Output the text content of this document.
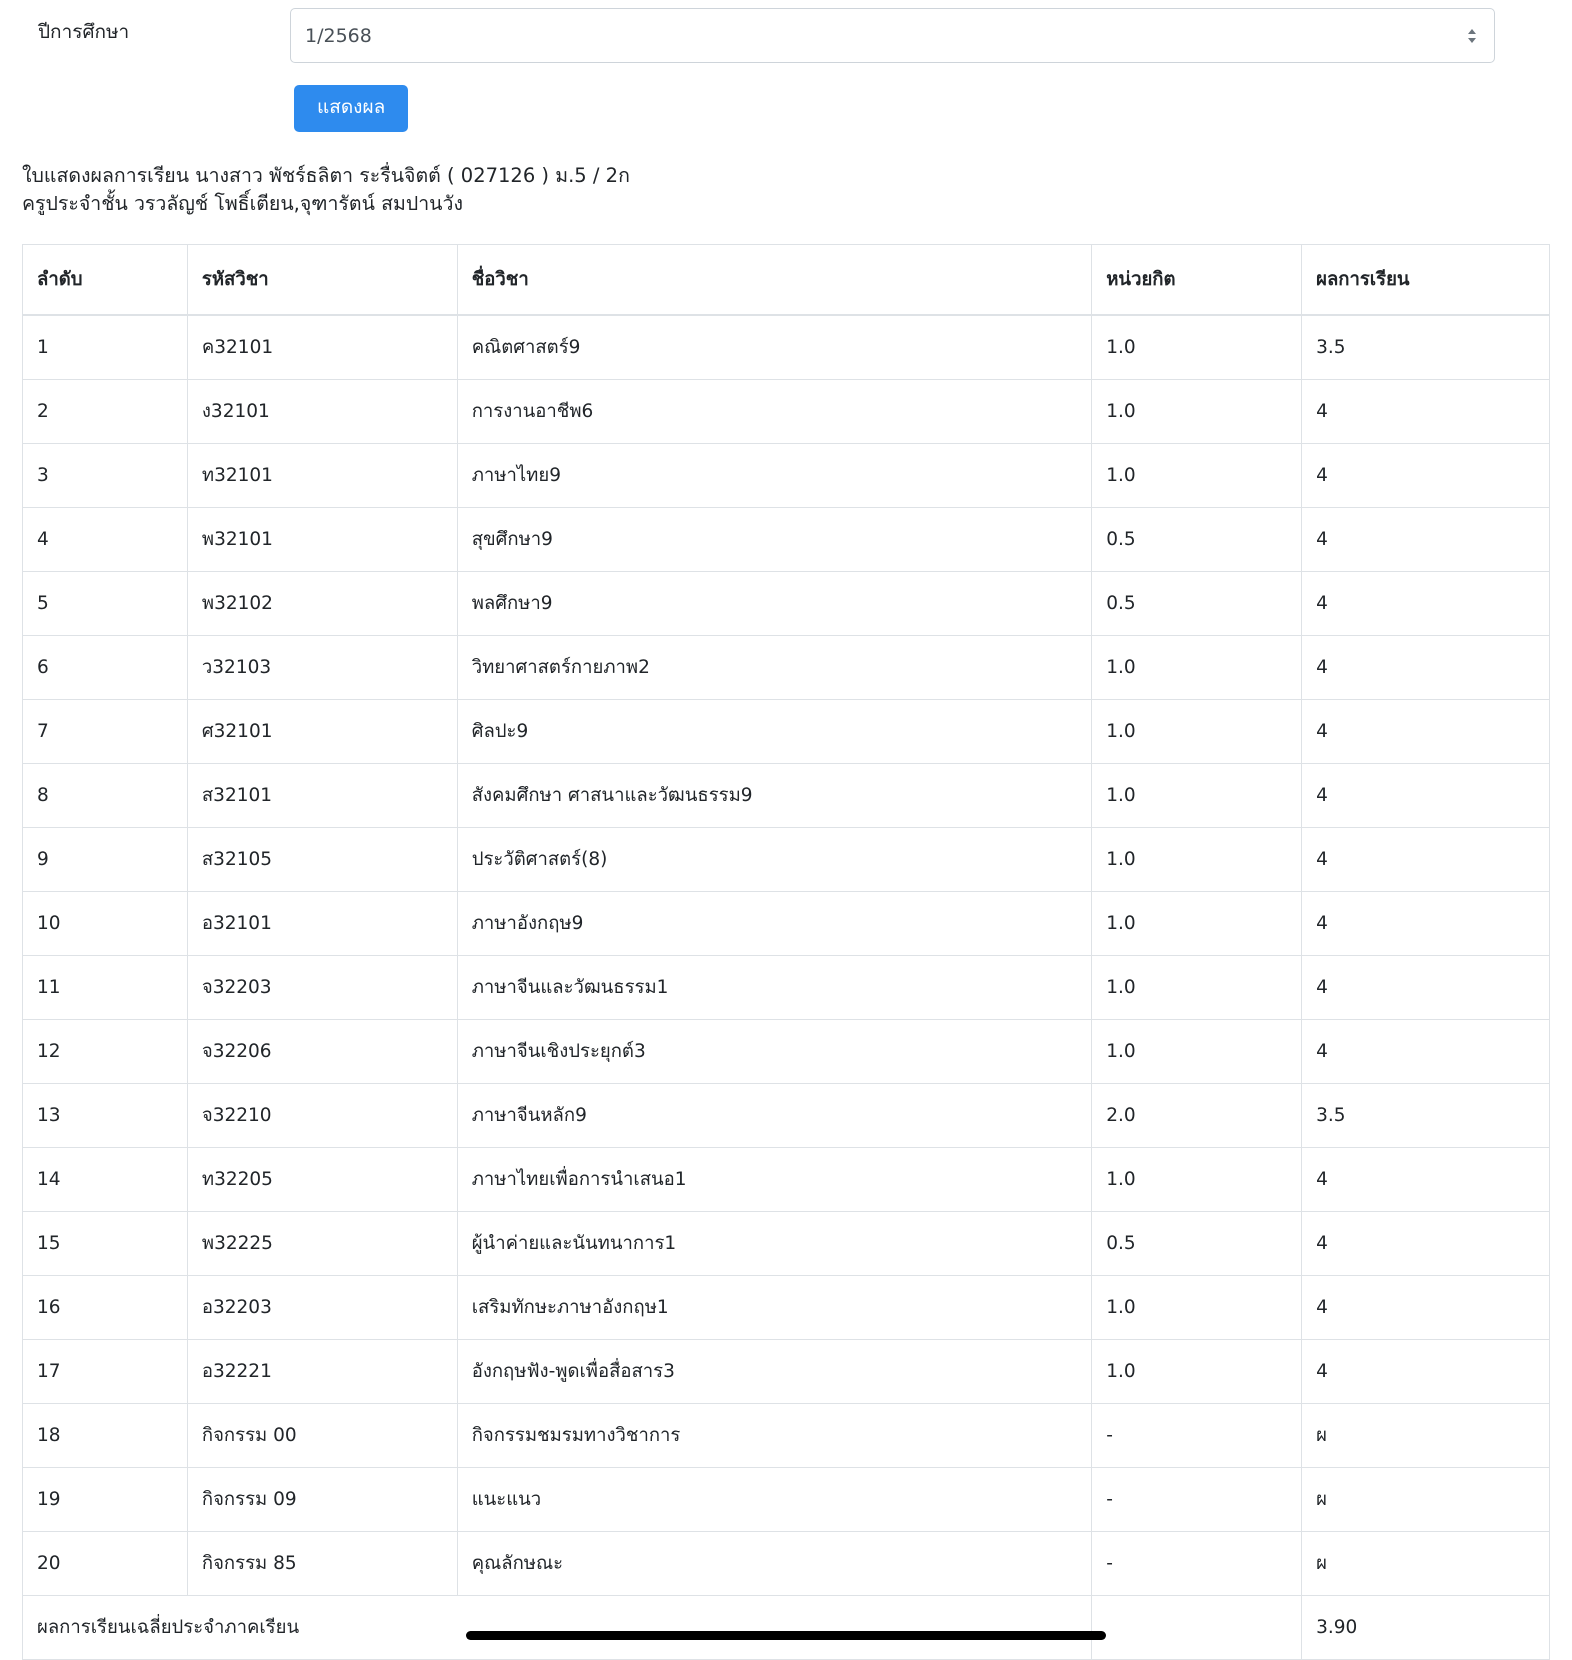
ปีการศึกษา
1/2568
แสดงผล
ใบแสดงผลการเรียน นางสาว พัชร์ธลิตา ระรื่นจิตต์ ( 027126 ) ม.5 / 2ก
ครูประจำชั้น วรวลัญช์ โพธิ์เตียน,จุฑารัตน์ สมปานวัง
ลำดับ	รหัสวิชา	ชื่อวิชา	หน่วยกิต	ผลการเรียน
1	ค32101	คณิตศาสตร์9	1.0	3.5
2	ง32101	การงานอาชีพ6	1.0	4
3	ท32101	ภาษาไทย9	1.0	4
4	พ32101	สุขศึกษา9	0.5	4
5	พ32102	พลศึกษา9	0.5	4
6	ว32103	วิทยาศาสตร์กายภาพ2	1.0	4
7	ศ32101	ศิลปะ9	1.0	4
8	ส32101	สังคมศึกษา ศาสนาและวัฒนธรรม9	1.0	4
9	ส32105	ประวัติศาสตร์(8)	1.0	4
10	อ32101	ภาษาอังกฤษ9	1.0	4
11	จ32203	ภาษาจีนและวัฒนธรรม1	1.0	4
12	จ32206	ภาษาจีนเชิงประยุกต์3	1.0	4
13	จ32210	ภาษาจีนหลัก9	2.0	3.5
14	ท32205	ภาษาไทยเพื่อการนำเสนอ1	1.0	4
15	พ32225	ผู้นำค่ายและนันทนาการ1	0.5	4
16	อ32203	เสริมทักษะภาษาอังกฤษ1	1.0	4
17	อ32221	อังกฤษฟัง-พูดเพื่อสื่อสาร3	1.0	4
18	กิจกรรม 00	กิจกรรมชมรมทางวิชาการ	-	ผ
19	กิจกรรม 09	แนะแนว	-	ผ
20	กิจกรรม 85	คุณลักษณะ	-	ผ
ผลการเรียนเฉลี่ยประจำภาคเรียน				3.90
